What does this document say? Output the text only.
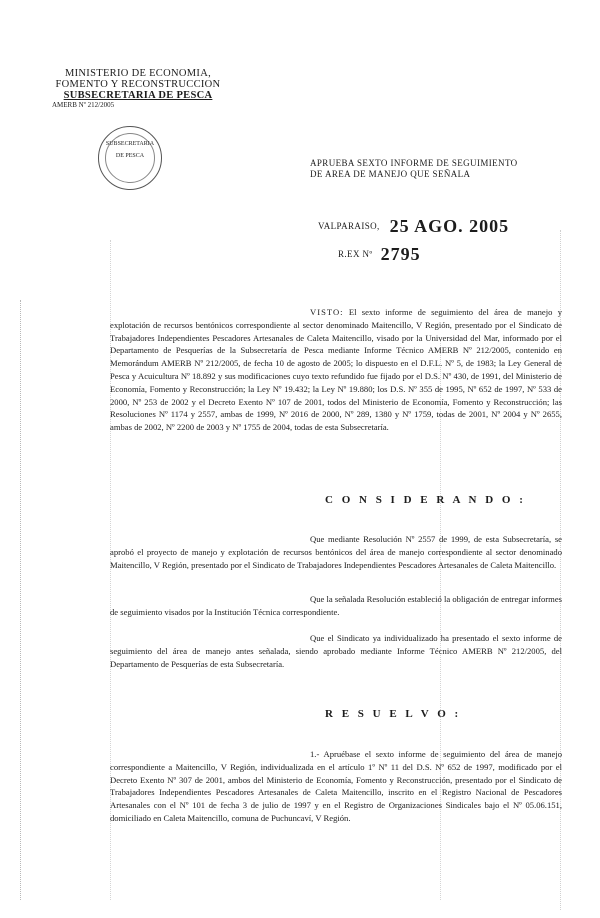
MINISTERIO DE ECONOMIA,
FOMENTO Y RECONSTRUCCION
SUBSECRETARIA DE PESCA
AMERB Nº 212/2005
SUBSECRETARIA
DE PESCA
APRUEBA SEXTO INFORME DE SEGUIMIENTO
DE AREA DE MANEJO QUE SEÑALA
VALPARAISO, 25 AGO. 2005
R.EX Nº 2795
VISTO: El sexto informe de seguimiento del área de manejo y explotación de recursos bentónicos correspondiente al sector denominado Maitencillo, V Región, presentado por el Sindicato de Trabajadores Independientes Pescadores Artesanales de Caleta Maitencillo, visado por la Universidad del Mar, informado por el Departamento de Pesquerías de la Subsecretaría de Pesca mediante Informe Técnico AMERB Nº 212/2005, contenido en Memorándum AMERB Nº 212/2005, de fecha 10 de agosto de 2005; lo dispuesto en el D.F.L. Nº 5, de 1983; la Ley General de Pesca y Acuicultura Nº 18.892 y sus modificaciones cuyo texto refundido fue fijado por el D.S. Nº 430, de 1991, del Ministerio de Economía, Fomento y Reconstrucción; la Ley Nº 19.432; la Ley Nº 19.880; los D.S. Nº 355 de 1995, Nº 652 de 1997, Nº 533 de 2000, Nº 253 de 2002 y el Decreto Exento Nº 107 de 2001, todos del Ministerio de Economía, Fomento y Reconstrucción; las Resoluciones Nº 1174 y 2557, ambas de 1999, Nº 2016 de 2000, Nº 289, 1380 y Nº 1759, todas de 2001, Nº 2004 y Nº 2655, ambas de 2002, Nº 2200 de 2003 y Nº 1755 de 2004, todas de esta Subsecretaría.
C O N S I D E R A N D O :
Que mediante Resolución Nº 2557 de 1999, de esta Subsecretaría, se aprobó el proyecto de manejo y explotación de recursos bentónicos del área de manejo correspondiente al sector denominado Maitencillo, V Región, presentado por el Sindicato de Trabajadores Independientes Pescadores Artesanales de Caleta Maitencillo.
Que la señalada Resolución estableció la obligación de entregar informes de seguimiento visados por la Institución Técnica correspondiente.
Que el Sindicato ya individualizado ha presentado el sexto informe de seguimiento del área de manejo antes señalada, siendo aprobado mediante Informe Técnico AMERB Nº 212/2005, del Departamento de Pesquerías de esta Subsecretaría.
R E S U E L V O :
1.- Apruébase el sexto informe de seguimiento del área de manejo correspondiente a Maitencillo, V Región, individualizada en el artículo 1º Nº 11 del D.S. Nº 652 de 1997, modificado por el Decreto Exento Nº 307 de 2001, ambos del Ministerio de Economía, Fomento y Reconstrucción, presentado por el Sindicato de Trabajadores Independientes Pescadores Artesanales de Caleta Maitencillo, inscrito en el Registro Nacional de Pescadores Artesanales con el Nº 101 de fecha 3 de julio de 1997 y en el Registro de Organizaciones Sindicales bajo el Nº 05.06.151, domiciliado en Caleta Maitencillo, comuna de Puchuncaví, V Región.
